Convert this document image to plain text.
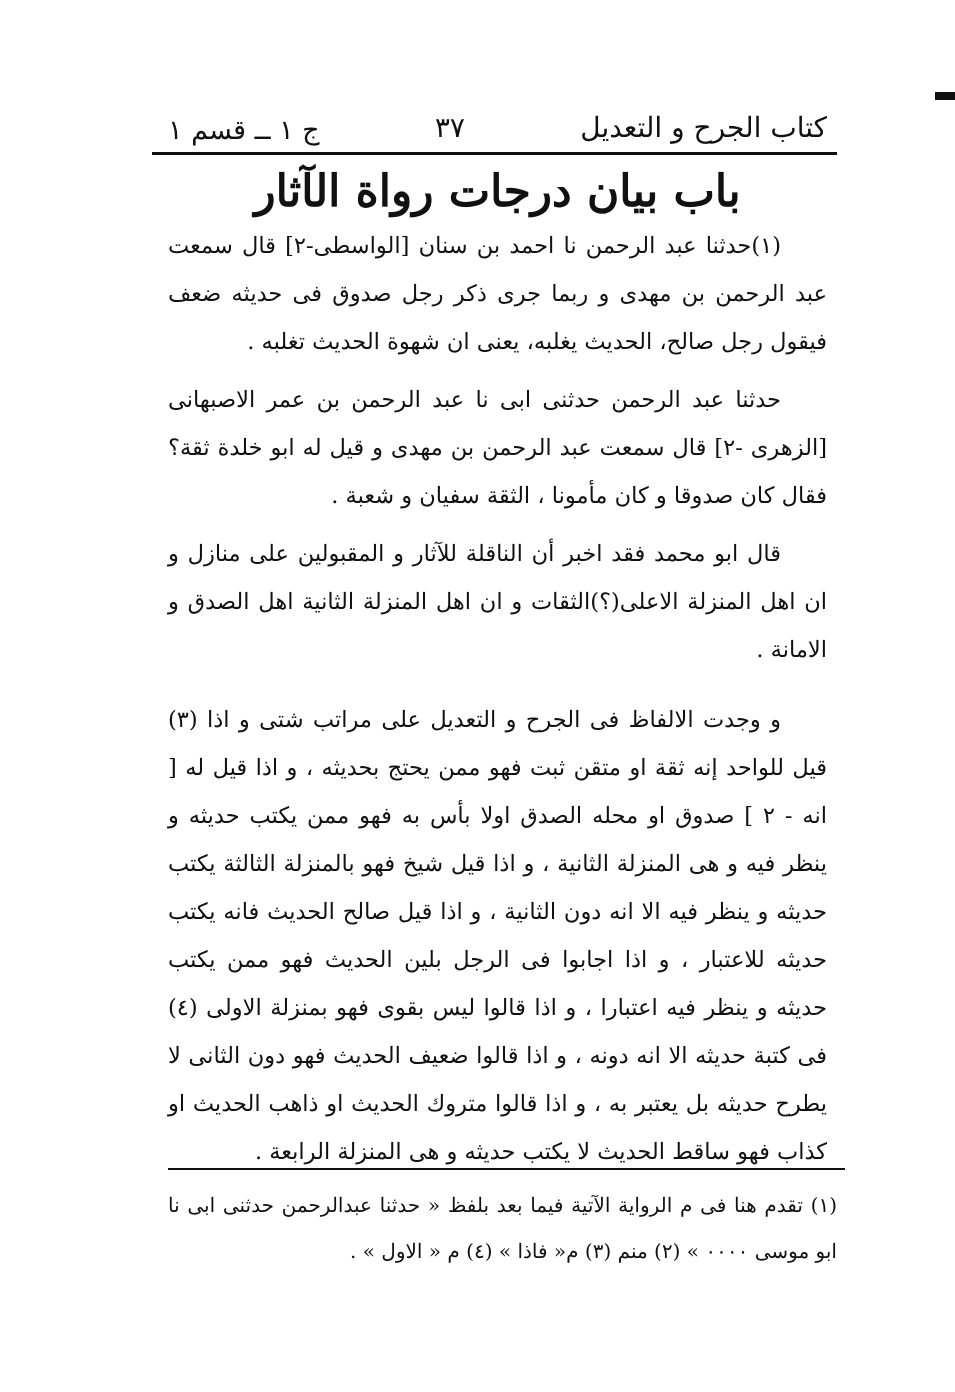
كتاب الجرح و التعديل
٣٧
ج ١ ــ قسم ١
باب بيان درجات رواة الآثار

(١)حدثنا عبد الرحمن نا احمد بن سنان [الواسطى-٢] قال سمعت عبد الرحمن بن مهدى و ربما جرى ذكر رجل صدوق فى حديثه ضعف فيقول رجل صالح، الحديث يغلبه، يعنى ان شهوة الحديث تغلبه .

حدثنا عبد الرحمن حدثنى ابى نا عبد الرحمن بن عمر الاصبهانى [الزهرى -٢] قال سمعت عبد الرحمن بن مهدى و قيل له ابو خلدة ثقة؟ فقال كان صدوقا و كان مأمونا ، الثقة سفيان و شعبة .

قال ابو محمد فقد اخبر أن الناقلة للآثار و المقبولين على منازل و ان اهل المنزلة الاعلى(؟)الثقات و ان اهل المنزلة الثانية اهل الصدق و الامانة .

و وجدت الالفاظ فى الجرح و التعديل على مراتب شتى و اذا (٣) قيل للواحد إنه ثقة او متقن ثبت فهو ممن يحتج بحديثه ، و اذا قيل له [ انه - ٢ ] صدوق او محله الصدق اولا بأس به فهو ممن يكتب حديثه و ينظر فيه و هى المنزلة الثانية ، و اذا قيل شيخ فهو بالمنزلة الثالثة يكتب حديثه و ينظر فيه الا انه دون الثانية ، و اذا قيل صالح الحديث فانه يكتب حديثه للاعتبار ، و اذا اجابوا فى الرجل بلين الحديث فهو ممن يكتب حديثه و ينظر فيه اعتبارا ، و اذا قالوا ليس بقوى فهو بمنزلة الاولى (٤) فى كتبة حديثه الا انه دونه ، و اذا قالوا ضعيف الحديث فهو دون الثانى لا يطرح حديثه بل يعتبر به ، و اذا قالوا متروك الحديث او ذاهب الحديث او كذاب فهو ساقط الحديث لا يكتب حديثه و هى المنزلة الرابعة .

(١) تقدم هنا فى م الرواية الآتية فيما بعد بلفظ « حدثنا عبدالرحمن حدثنى ابى نا ابو موسى ٠٠٠٠ » (٢) منم (٣) م« فاذا » (٤) م « الاول » .
